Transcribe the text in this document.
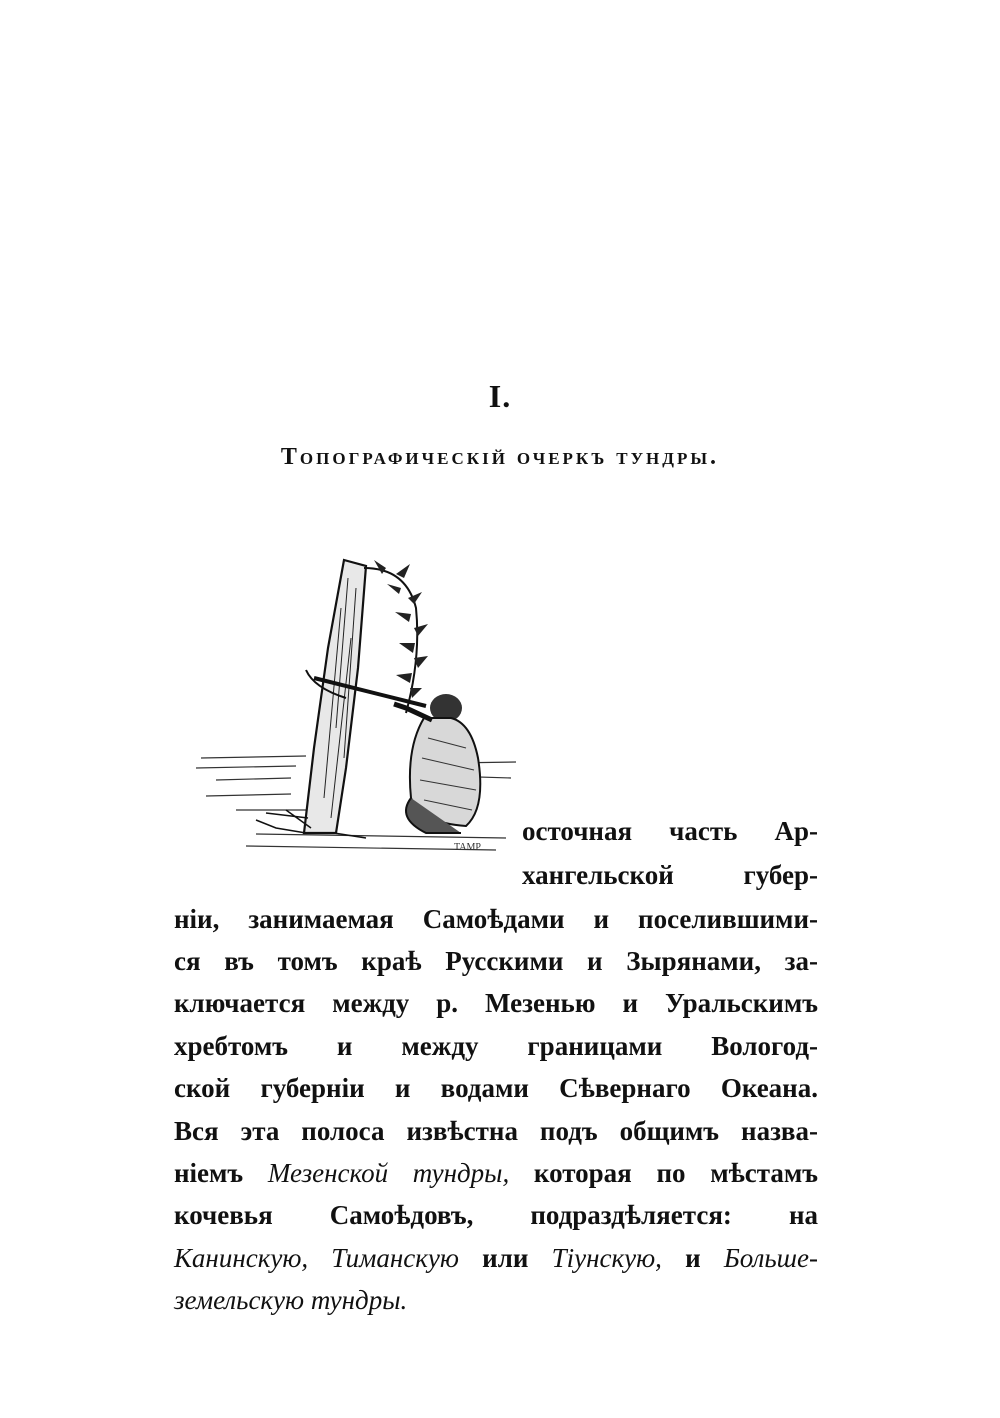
I.
Топографическій очеркъ тундры.
TAMP
осточная часть Ар-
хангельской губер-
ніи, занимаемая Самоѣдами и поселившими-
ся въ томъ краѣ Русскими и Зырянами, за-
ключается между р. Мезенью и Уральскимъ
хребтомъ и между границами Вологод-
ской губерніи и водами Сѣвернаго Океана.
Вся эта полоса извѣстна подъ общимъ назва-
ніемъ Мезенской тундры, которая по мѣстамъ
кочевья Самоѣдовъ, подраздѣляется: на
Канинскую, Тиманскую или Тіунскую, и Больше-
земельскую тундры.
